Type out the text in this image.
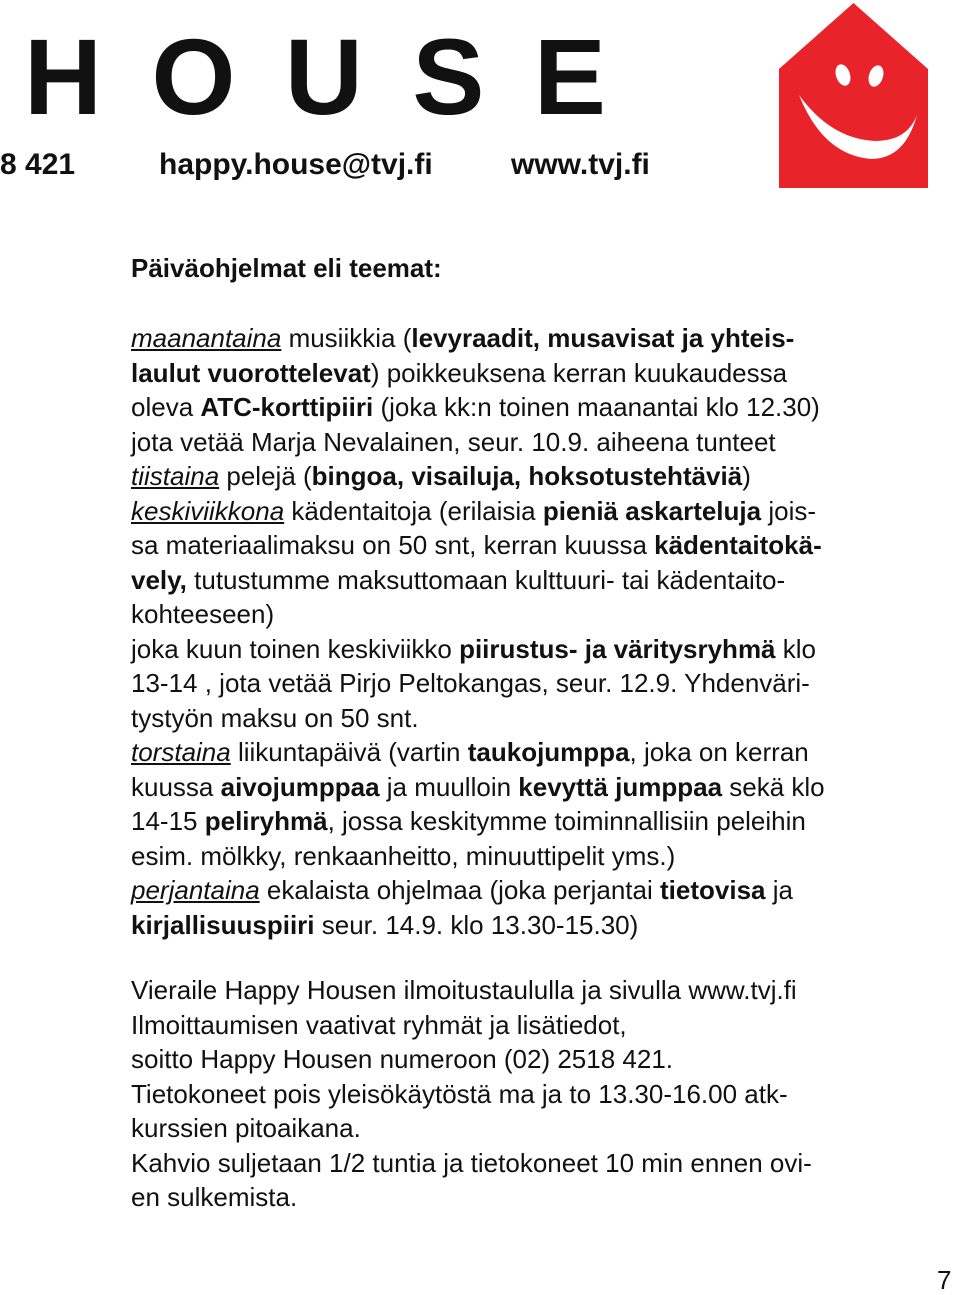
H O U S E
8 421	happy.house@tvj.fi	www.tvj.fi

Päiväohjelmat eli teemat:

maanantaina musiikkia (levyraadit, musavisat ja yhteis-
laulut vuorottelevat) poikkeuksena kerran kuukaudessa
oleva ATC-korttipiiri (joka kk:n toinen maanantai klo 12.30)
jota vetää Marja Nevalainen, seur. 10.9. aiheena tunteet
tiistaina pelejä (bingoa, visailuja, hoksotustehtäviä)
keskiviikkona kädentaitoja (erilaisia pieniä askarteluja jois-
sa materiaalimaksu on 50 snt, kerran kuussa kädentaitokä-
vely, tutustumme maksuttomaan kulttuuri- tai kädentaito-
kohteeseen)
joka kuun toinen keskiviikko piirustus- ja väritysryhmä klo
13-14 , jota vetää Pirjo Peltokangas, seur. 12.9. Yhdenväri-
tystyön maksu on 50 snt.
torstaina liikuntapäivä (vartin taukojumppa, joka on kerran
kuussa aivojumppaa ja muulloin kevyttä jumppaa sekä klo
14-15 peliryhmä, jossa keskitymme toiminnallisiin peleihin
esim. mölkky, renkaanheitto, minuuttipelit yms.)
perjantaina ekalaista ohjelmaa (joka perjantai tietovisa ja
kirjallisuuspiiri seur. 14.9. klo 13.30-15.30)
Vieraile Happy Housen ilmoitustaululla ja sivulla www.tvj.fi
Ilmoittaumisen vaativat ryhmät ja lisätiedot,
soitto Happy Housen numeroon (02) 2518 421.
Tietokoneet pois yleisökäytöstä ma ja to 13.30-16.00 atk-
kurssien pitoaikana.
Kahvio suljetaan 1/2 tuntia ja tietokoneet 10 min ennen ovi-
en sulkemista.
7
